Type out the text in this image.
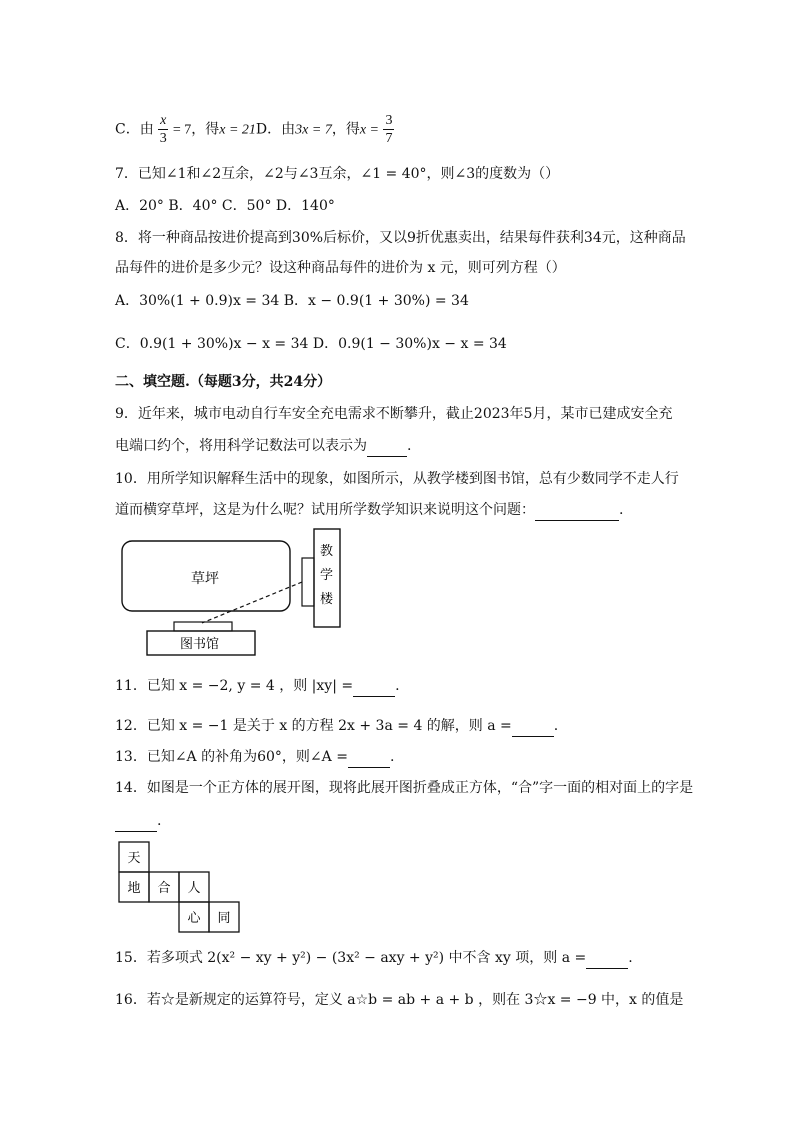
C．由 $\frac{x}{3} = 7$，得x = 21D．由3x = 7，得$x = \frac{3}{7}$
7．已知∠1和∠2互余，∠2与∠3互余，∠1 = 40°，则∠3的度数为（）
A．20° B．40° C．50° D．140°
8．将一种商品按进价提高到30%后标价，又以9折优惠卖出，结果每件获利34元，这种商品
品每件的进价是多少元？设这种商品每件的进价为 x 元，则可列方程（）
A．30%(1 + 0.9)x = 34 B．x − 0.9(1 + 30%) = 34
C．0.9(1 + 30%)x − x = 34 D．0.9(1 − 30%)x − x = 34
二、填空题.（每题3分，共24分）
9．近年来，城市电动自行车安全充电需求不断攀升，截止2023年5月，某市已建成安全充
电端口约个，将用科学记数法可以表示为	.
10．用所学知识解释生活中的现象，如图所示，从教学楼到图书馆，总有少数同学不走人行
道而横穿草坪，这是为什么呢？试用所学数学知识来说明这个问题：	.
草坪
教
学
楼
图书馆
11．已知 x = −2, y = 4 ，则 |xy| =	.
12．已知 x = −1 是关于 x 的方程 2x + 3a = 4 的解，则 a =	.
13．已知∠A 的补角为60°，则∠A =	.
14．如图是一个正方体的展开图，现将此展开图折叠成正方体，“合”字一面的相对面上的字是
.
天
地 合 人
心 同
15．若多项式 2(x² − xy + y²) − (3x² − axy + y²) 中不含 xy 项，则 a =	.
16．若☆是新规定的运算符号，定义 a☆b = ab + a + b ，则在 3☆x = −9 中，x 的值是
